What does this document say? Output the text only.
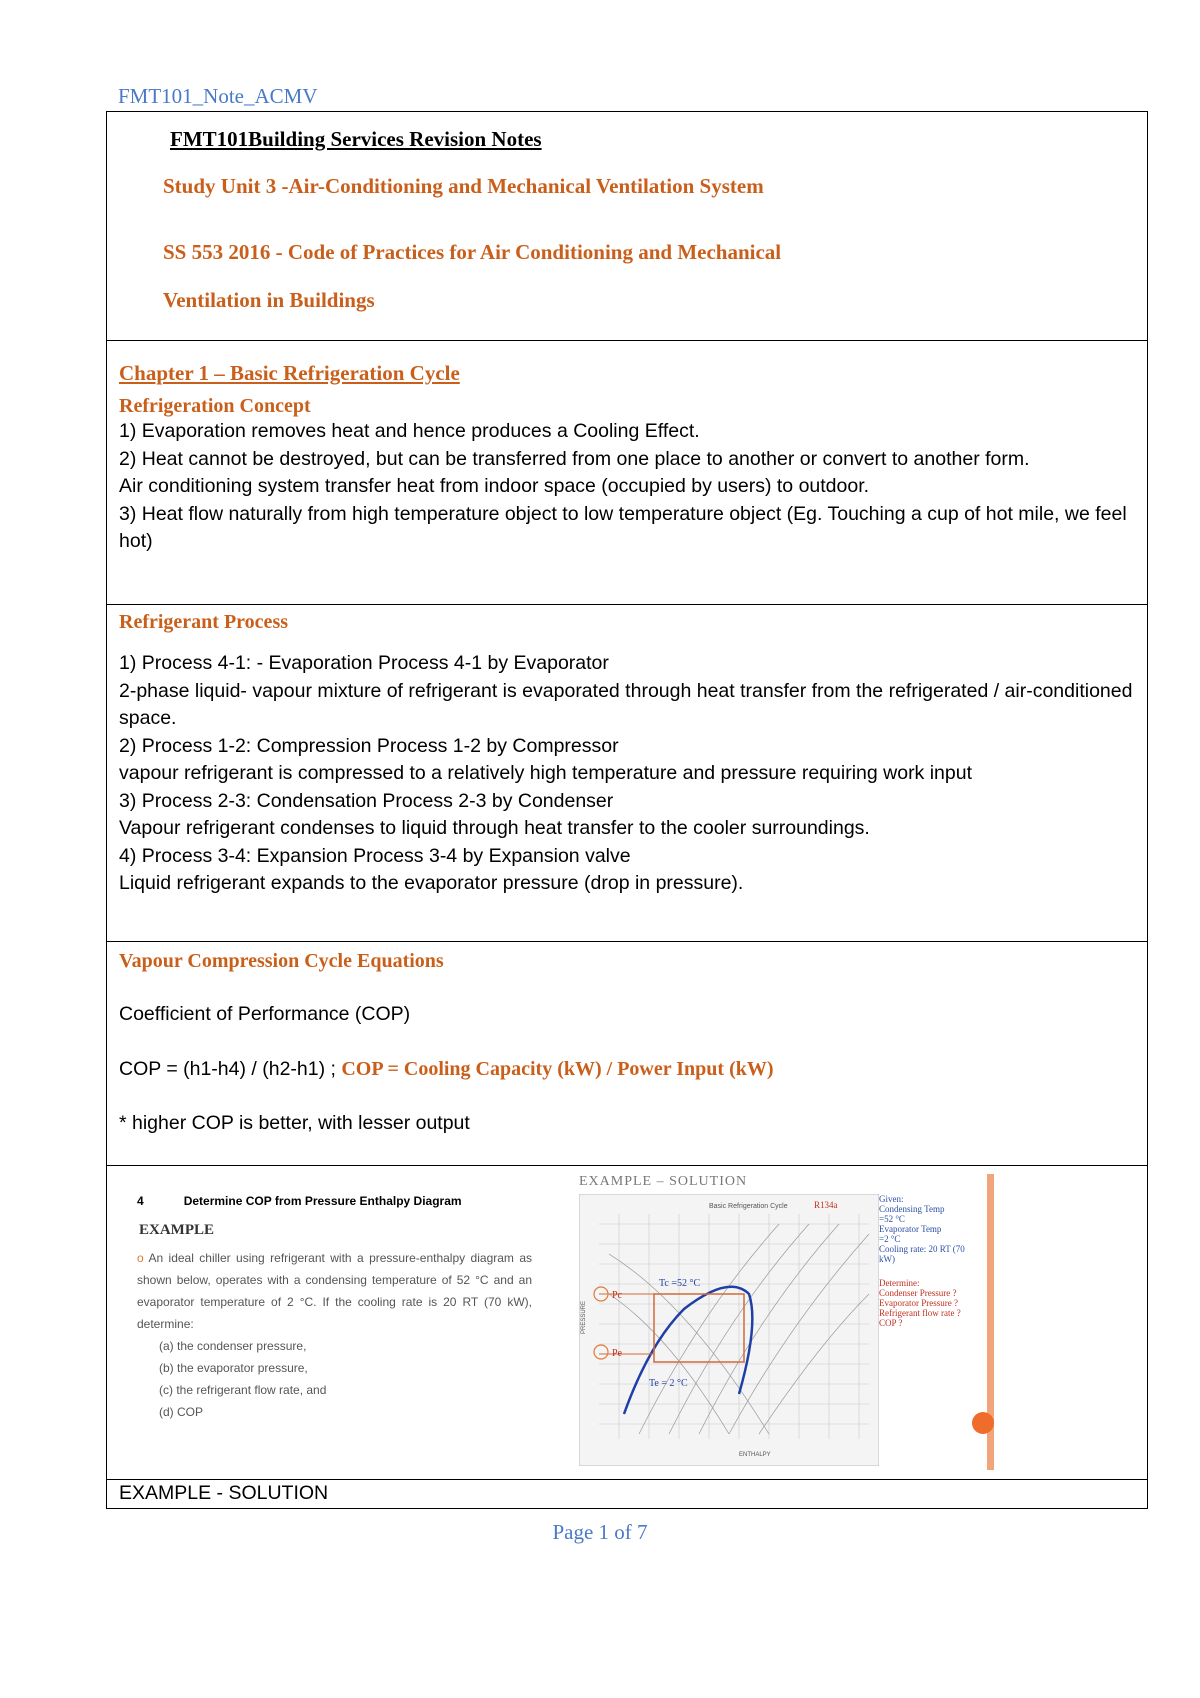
FMT101_Note_ACMV
FMT101Building Services Revision Notes
Study Unit 3 -Air-Conditioning and Mechanical Ventilation System
SS 553 2016 - Code of Practices for Air Conditioning and Mechanical
Ventilation in Buildings

Chapter 1 – Basic Refrigeration Cycle

Refrigeration Concept

1) Evaporation removes heat and hence produces a Cooling Effect.

2) Heat cannot be destroyed, but can be transferred from one place to another or convert to another form.

Air conditioning system transfer heat from indoor space (occupied by users) to outdoor.

3) Heat flow naturally from high temperature object to low temperature object (Eg. Touching a cup of hot mile, we feel hot)

Refrigerant Process

1) Process 4-1: - Evaporation Process 4-1 by Evaporator

2-phase liquid- vapour mixture of refrigerant is evaporated through heat transfer from the refrigerated / air-conditioned space.

2) Process 1-2: Compression Process 1-2 by Compressor

vapour refrigerant is compressed to a relatively high temperature and pressure requiring work input

3) Process 2-3: Condensation Process 2-3 by Condenser

Vapour refrigerant condenses to liquid through heat transfer to the cooler surroundings.

4) Process 3-4: Expansion Process 3-4 by Expansion valve

Liquid refrigerant expands to the evaporator pressure (drop in pressure).

Vapour Compression Cycle Equations

Coefficient of Performance (COP)

COP = (h1-h4) / (h2-h1) ; COP = Cooling Capacity (kW) / Power Input (kW)

* higher COP is better, with lesser output

4	Determine COP from Pressure Enthalpy Diagram
EXAMPLE
o An ideal chiller using refrigerant with a pressure-enthalpy diagram as shown below, operates with a condensing temperature of 52 °C and an evaporator temperature of 2 °C. If the cooling rate is 20 RT (70 kW), determine:
(a) the condenser pressure,
(b) the evaporator pressure,
(c) the refrigerant flow rate, and
(d) COP
EXAMPLE – SOLUTION
Pc
Pe
Tc =52 °C
Te = 2 °C
Basic Refrigeration Cycle	R134a
PRESSURE
ENTHALPY
Given:
Condensing Temp
=52 °C
Evaporator Temp
=2 °C
Cooling rate: 20 RT (70 kW)
Determine:
Condenser Pressure ?
Evaporator Pressure ?
Refrigerant flow rate ?
COP ?
EXAMPLE - SOLUTION
Page 1 of 7
